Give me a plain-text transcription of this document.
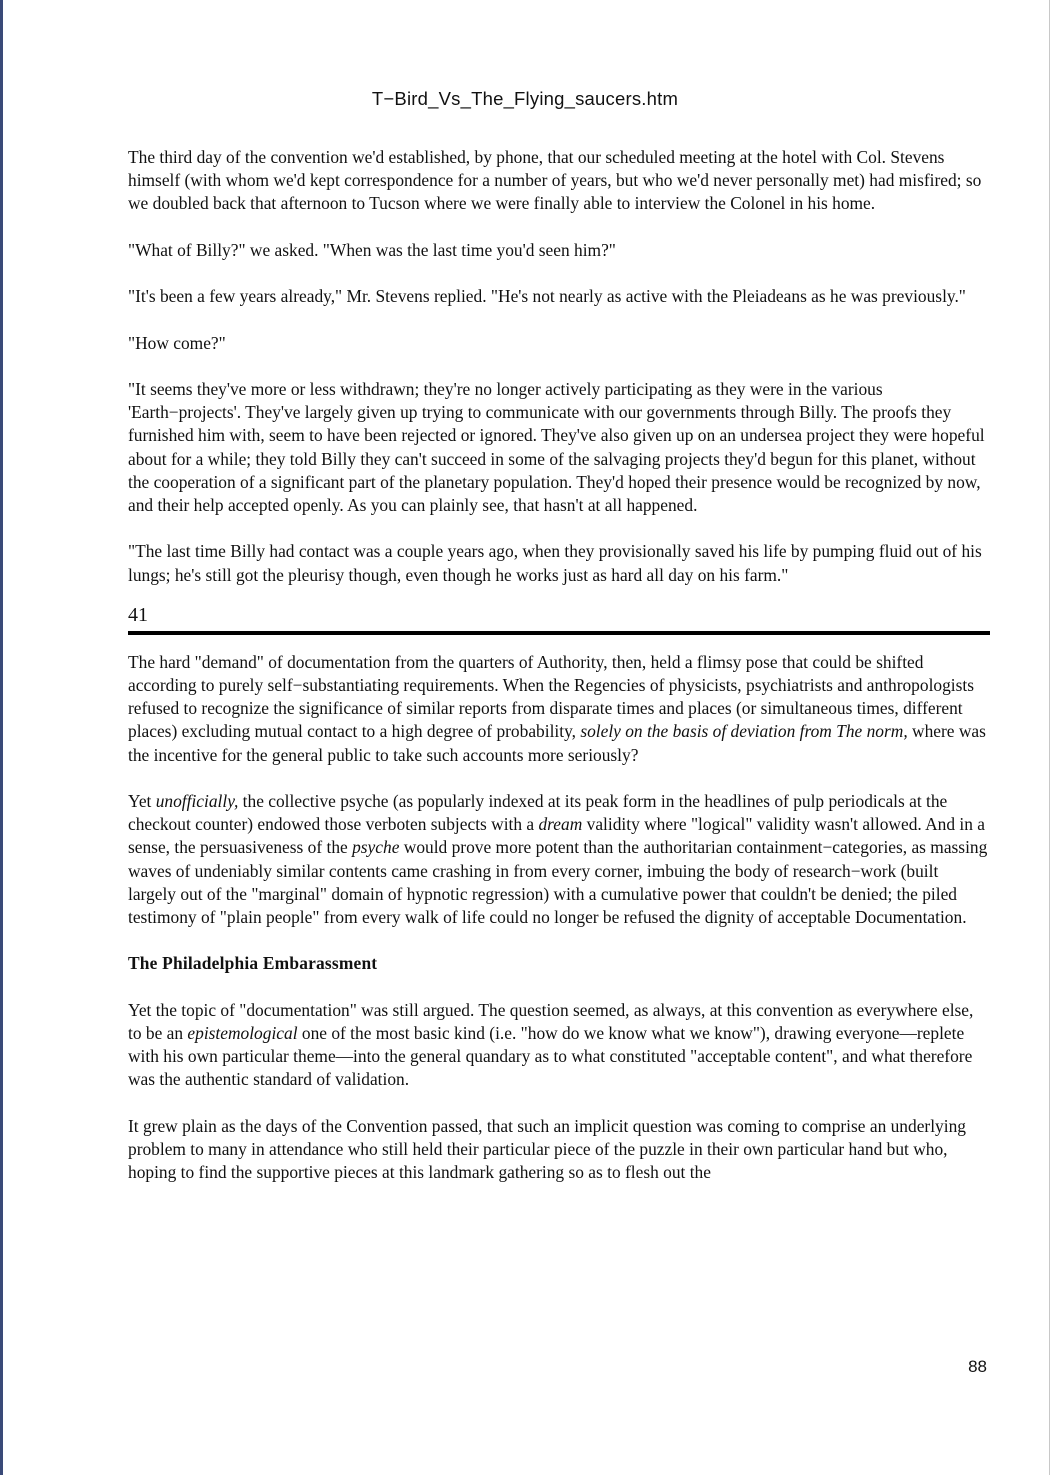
T−Bird_Vs_The_Flying_saucers.htm

The third day of the convention we'd established, by phone, that our scheduled meeting at the hotel with Col. Stevens himself (with whom we'd kept correspondence for a number of years, but who we'd never personally met) had misfired; so we doubled back that afternoon to Tucson where we were finally able to interview the Colonel in his home.

"What of Billy?" we asked. "When was the last time you'd seen him?"

"It's been a few years already," Mr. Stevens replied. "He's not nearly as active with the Pleiadeans as he was previously."

"How come?"

"It seems they've more or less withdrawn; they're no longer actively participating as they were in the various 'Earth−projects'. They've largely given up trying to communicate with our governments through Billy. The proofs they furnished him with, seem to have been rejected or ignored. They've also given up on an undersea project they were hopeful about for a while; they told Billy they can't succeed in some of the salvaging projects they'd begun for this planet, without the cooperation of a significant part of the planetary population. They'd hoped their presence would be recognized by now, and their help accepted openly. As you can plainly see, that hasn't at all happened.

"The last time Billy had contact was a couple years ago, when they provisionally saved his life by pumping fluid out of his lungs; he's still got the pleurisy though, even though he works just as hard all day on his farm."

41

The hard "demand" of documentation from the quarters of Authority, then, held a flimsy pose that could be shifted according to purely self−substantiating requirements. When the Regencies of physicists, psychiatrists and anthropologists refused to recognize the significance of similar reports from disparate times and places (or simultaneous times, different places) excluding mutual contact to a high degree of probability, solely on the basis of deviation from The norm, where was the incentive for the general public to take such accounts more seriously?

Yet unofficially, the collective psyche (as popularly indexed at its peak form in the headlines of pulp periodicals at the checkout counter) endowed those verboten subjects with a dream validity where "logical" validity wasn't allowed. And in a sense, the persuasiveness of the psyche would prove more potent than the authoritarian containment−categories, as massing waves of undeniably similar contents came crashing in from every corner, imbuing the body of research−work (built largely out of the "marginal" domain of hypnotic regression) with a cumulative power that couldn't be denied; the piled testimony of "plain people" from every walk of life could no longer be refused the dignity of acceptable Documentation.

The Philadelphia Embarassment

Yet the topic of "documentation" was still argued. The question seemed, as always, at this convention as everywhere else, to be an epistemological one of the most basic kind (i.e. "how do we know what we know"), drawing everyone—replete with his own particular theme—into the general quandary as to what constituted "acceptable content", and what therefore was the authentic standard of validation.

It grew plain as the days of the Convention passed, that such an implicit question was coming to comprise an underlying problem to many in attendance who still held their particular piece of the puzzle in their own particular hand but who, hoping to find the supportive pieces at this landmark gathering so as to flesh out the

88
